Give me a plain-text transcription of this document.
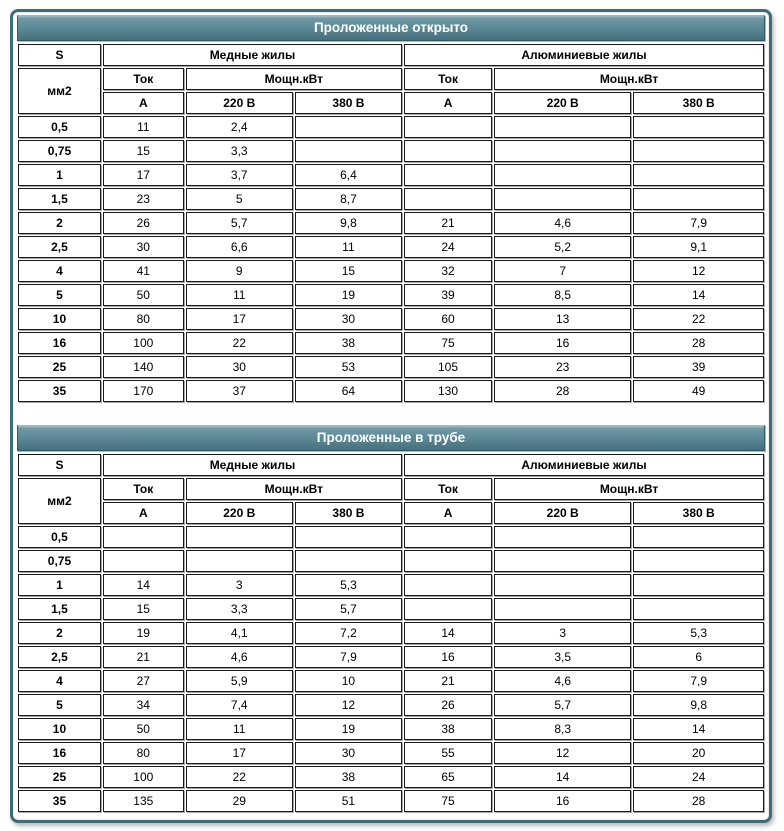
Проложенные открыто
S	Медные жилы			Алюминиевые жилы		
мм2	Ток	Мощн.кВт		Ток	Мощн.кВт	
	А	220 В	380 В	А	220 В	380 В
0,5	11	2,4				
0,75	15	3,3				
1	17	3,7	6,4			
1,5	23	5	8,7			
2	26	5,7	9,8	21	4,6	7,9
2,5	30	6,6	11	24	5,2	9,1
4	41	9	15	32	7	12
5	50	11	19	39	8,5	14
10	80	17	30	60	13	22
16	100	22	38	75	16	28
25	140	30	53	105	23	39
35	170	37	64	130	28	49
Проложенные в трубе
S	Медные жилы			Алюминиевые жилы		
мм2	Ток	Мощн.кВт		Ток	Мощн.кВт	
	А	220 В	380 В	А	220 В	380 В
0,5						
0,75						
1	14	3	5,3			
1,5	15	3,3	5,7			
2	19	4,1	7,2	14	3	5,3
2,5	21	4,6	7,9	16	3,5	6
4	27	5,9	10	21	4,6	7,9
5	34	7,4	12	26	5,7	9,8
10	50	11	19	38	8,3	14
16	80	17	30	55	12	20
25	100	22	38	65	14	24
35	135	29	51	75	16	28
